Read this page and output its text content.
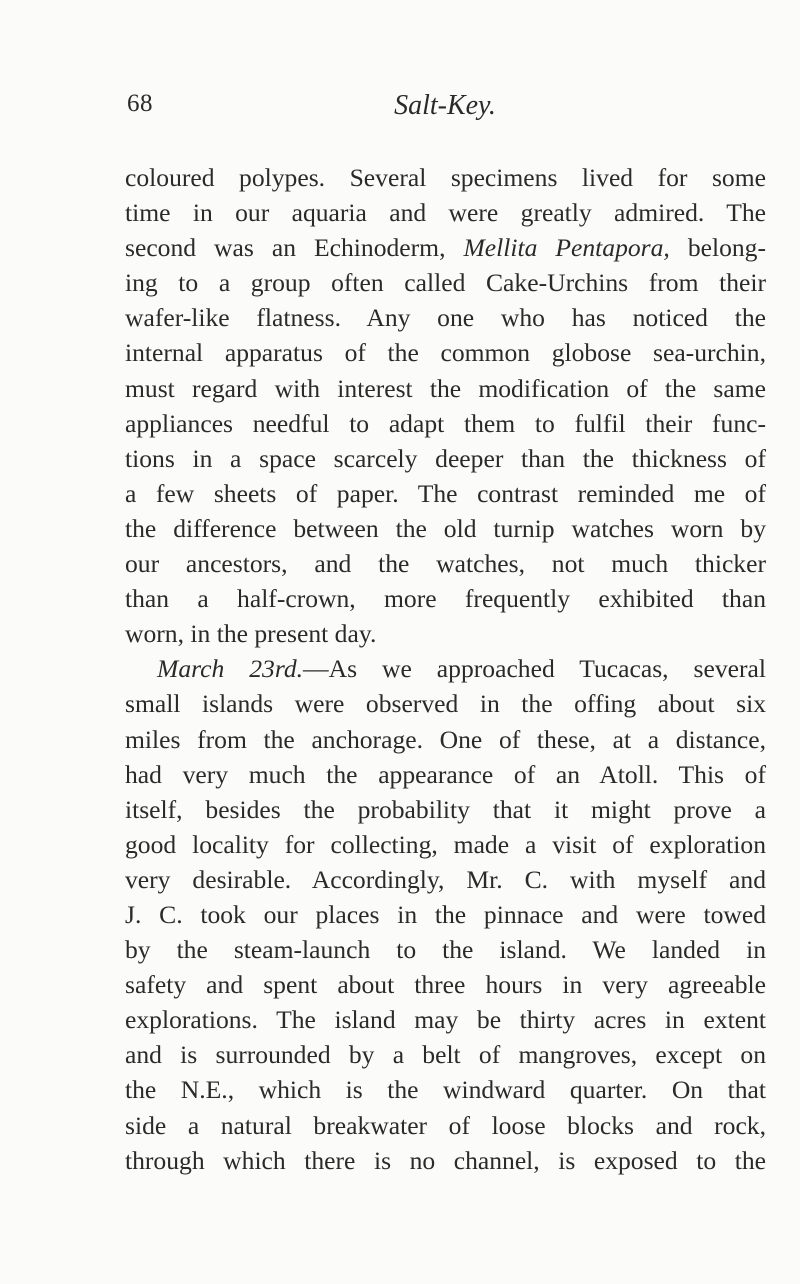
68	Salt-Key.
coloured polypes. Several specimens lived for some
time in our aquaria and were greatly admired. The
second was an Echinoderm, Mellita Pentapora, belong-
ing to a group often called Cake-Urchins from their
wafer-like flatness. Any one who has noticed the
internal apparatus of the common globose sea-urchin,
must regard with interest the modification of the same
appliances needful to adapt them to fulfil their func-
tions in a space scarcely deeper than the thickness of
a few sheets of paper. The contrast reminded me of
the difference between the old turnip watches worn by
our ancestors, and the watches, not much thicker
than a half-crown, more frequently exhibited than
worn, in the present day.
March 23rd.—As we approached Tucacas, several
small islands were observed in the offing about six
miles from the anchorage. One of these, at a distance,
had very much the appearance of an Atoll. This of
itself, besides the probability that it might prove a
good locality for collecting, made a visit of exploration
very desirable. Accordingly, Mr. C. with myself and
J. C. took our places in the pinnace and were towed
by the steam-launch to the island. We landed in
safety and spent about three hours in very agreeable
explorations. The island may be thirty acres in extent
and is surrounded by a belt of mangroves, except on
the N.E., which is the windward quarter. On that
side a natural breakwater of loose blocks and rock,
through which there is no channel, is exposed to the
